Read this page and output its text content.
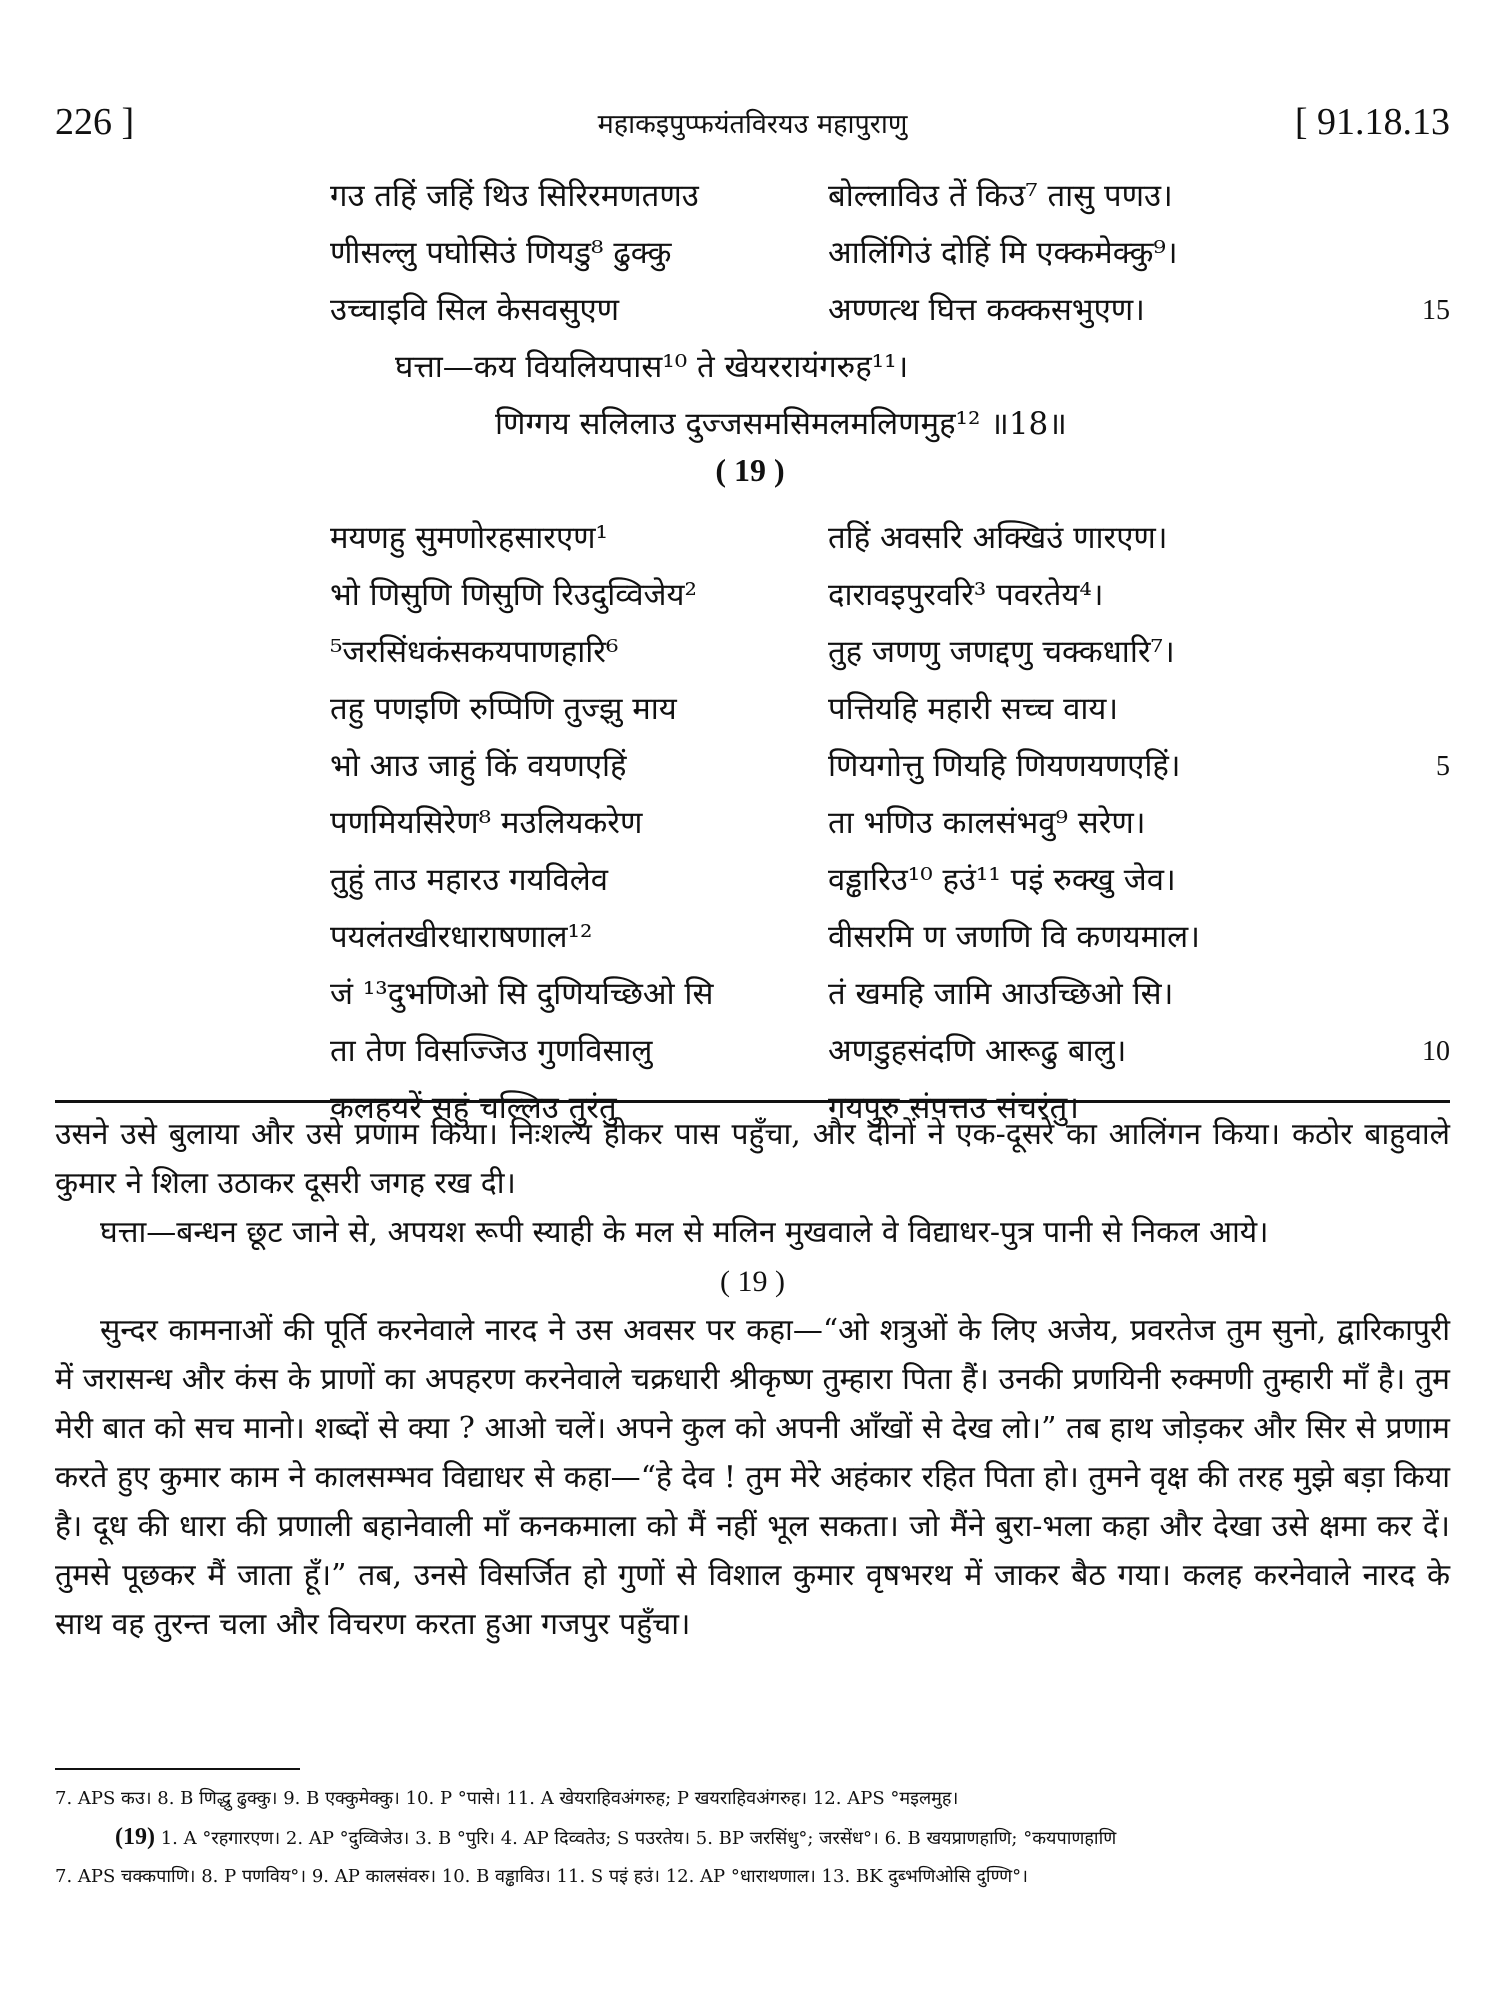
226 ]	महाकइपुप्फयंतविरयउ महापुराणु	[ 91.18.13
गउ तहिं जहिं थिउ सिरिरमणतणउ	बोल्लाविउ तें किउ⁷ तासु पणउ।
णीसल्लु पघोसिउं णियडु⁸ ढुक्कु	आलिंगिउं दोहिं मि एक्कमेक्कु⁹।
उच्चाइवि सिल केसवसुएण	अण्णत्थ घित्त कक्कसभुएण।	15
घत्ता—कय वियलियपास¹⁰ ते खेयररायंगरुह¹¹।
णिग्गय सलिलाउ दुज्जसमसिमलमलिणमुह¹² ॥18॥
( 19 )
मयणहु सुमणोरहसारएण¹	तहिं अवसरि अक्खिउं णारएण।
भो णिसुणि णिसुणि रिउदुव्विजेय²	दारावइपुरवरि³ पवरतेय⁴।
⁵जरसिंधकंसकयपाणहारि⁶	तुह जणणु जणद्दणु चक्कधारि⁷।
तहु पणइणि रुप्पिणि तुज्झु माय	पत्तियहि महारी सच्च वाय।
भो आउ जाहुं किं वयणएहिं	णियगोत्तु णियहि णियणयणएहिं।	5
पणमियसिरेण⁸ मउलियकरेण	ता भणिउ कालसंभवु⁹ सरेण।
तुहुं ताउ महारउ गयविलेव	वड्ढारिउ¹⁰ हउं¹¹ पइं रुक्खु जेव।
पयलंतखीरधाराषणाल¹²	वीसरमि ण जणणि वि कणयमाल।
जं ¹³दुभणिओ सि दुणियच्छिओ सि	तं खमहि जामि आउच्छिओ सि।
ता तेण विसज्जिउ गुणविसालु	अणडुहसंदणि आरूढु बालु।	10
कलहयरें सहुं चल्लिउ तुरंतु	गयपुरु संपत्तउ संचरंतु।

उसने उसे बुलाया और उसे प्रणाम किया। निःशल्य होकर पास पहुँचा, और दोनों ने एक-दूसरे का आलिंगन किया। कठोर बाहुवाले कुमार ने शिला उठाकर दूसरी जगह रख दी।

घत्ता—बन्धन छूट जाने से, अपयश रूपी स्याही के मल से मलिन मुखवाले वे विद्याधर-पुत्र पानी से निकल आये।

( 19 )

सुन्दर कामनाओं की पूर्ति करनेवाले नारद ने उस अवसर पर कहा—“ओ शत्रुओं के लिए अजेय, प्रवरतेज तुम सुनो, द्वारिकापुरी में जरासन्ध और कंस के प्राणों का अपहरण करनेवाले चक्रधारी श्रीकृष्ण तुम्हारा पिता हैं। उनकी प्रणयिनी रुक्मणी तुम्हारी माँ है। तुम मेरी बात को सच मानो। शब्दों से क्या ? आओ चलें। अपने कुल को अपनी आँखों से देख लो।” तब हाथ जोड़कर और सिर से प्रणाम करते हुए कुमार काम ने कालसम्भव विद्याधर से कहा—“हे देव ! तुम मेरे अहंकार रहित पिता हो। तुमने वृक्ष की तरह मुझे बड़ा किया है। दूध की धारा की प्रणाली बहानेवाली माँ कनकमाला को मैं नहीं भूल सकता। जो मैंने बुरा-भला कहा और देखा उसे क्षमा कर दें। तुमसे पूछकर मैं जाता हूँ।” तब, उनसे विसर्जित हो गुणों से विशाल कुमार वृषभरथ में जाकर बैठ गया। कलह करनेवाले नारद के साथ वह तुरन्त चला और विचरण करता हुआ गजपुर पहुँचा।

7. APS कउ। 8. B णिद्धु ढुक्कु। 9. B एक्कुमेक्कु। 10. P °पासे। 11. A खेयराहिवअंगरुह; P खयराहिवअंगरुह। 12. APS °मइलमुह।
(19) 1. A °रहगारएण। 2. AP °दुव्विजेउ। 3. B °पुरि। 4. AP दिव्वतेउ; S पउरतेय। 5. BP जरसिंधु°; जरसेंध°। 6. B खयप्राणहाणि; °कयपाणहाणि
7. APS चक्कपाणि। 8. P पणविय°। 9. AP कालसंवरु। 10. B वड्ढाविउ। 11. S पइं हउं। 12. AP °धाराथणाल। 13. BK दुब्भणिओसि दुण्णि°।
